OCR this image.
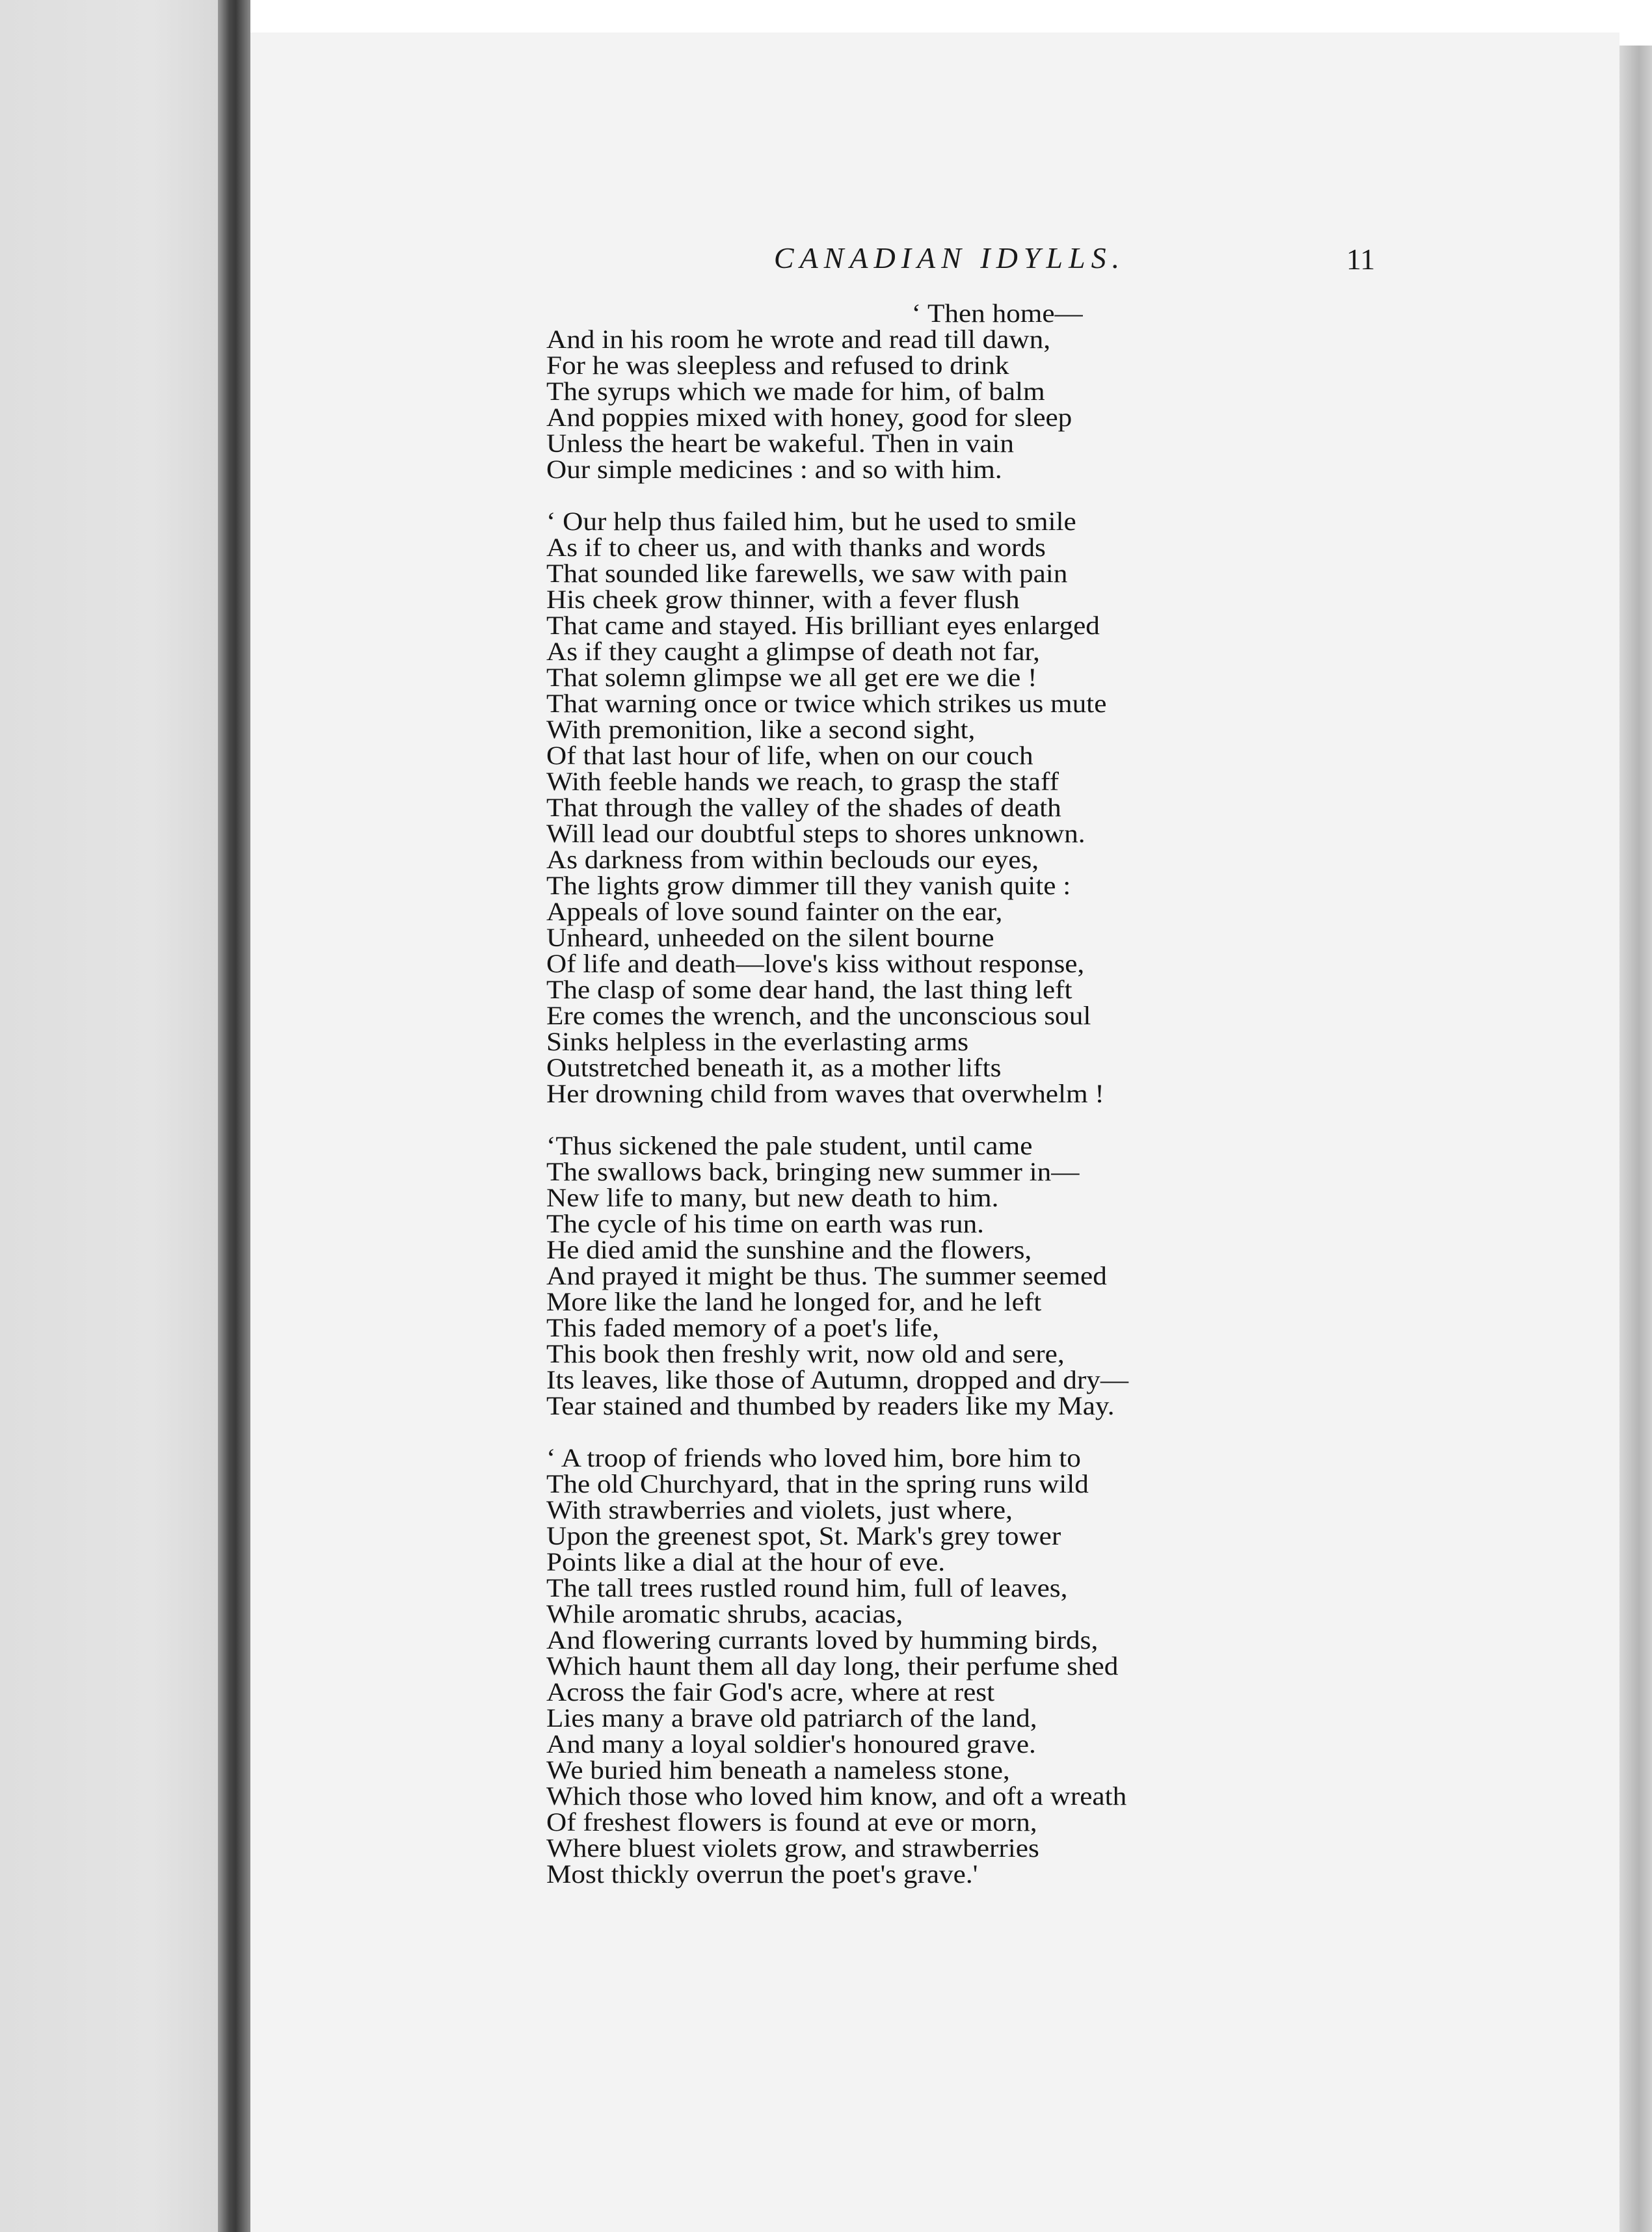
CANADIAN IDYLLS.	11
‘ Then home—
And in his room he wrote and read till dawn,
For he was sleepless and refused to drink
The syrups which we made for him, of balm
And poppies mixed with honey, good for sleep
Unless the heart be wakeful. Then in vain
Our simple medicines : and so with him.
‘ Our help thus failed him, but he used to smile
As if to cheer us, and with thanks and words
That sounded like farewells, we saw with pain
His cheek grow thinner, with a fever flush
That came and stayed. His brilliant eyes enlarged
As if they caught a glimpse of death not far,
That solemn glimpse we all get ere we die !
That warning once or twice which strikes us mute
With premonition, like a second sight,
Of that last hour of life, when on our couch
With feeble hands we reach, to grasp the staff
That through the valley of the shades of death
Will lead our doubtful steps to shores unknown.
As darkness from within beclouds our eyes,
The lights grow dimmer till they vanish quite :
Appeals of love sound fainter on the ear,
Unheard, unheeded on the silent bourne
Of life and death—love's kiss without response,
The clasp of some dear hand, the last thing left
Ere comes the wrench, and the unconscious soul
Sinks helpless in the everlasting arms
Outstretched beneath it, as a mother lifts
Her drowning child from waves that overwhelm !
‘Thus sickened the pale student, until came
The swallows back, bringing new summer in—
New life to many, but new death to him.
The cycle of his time on earth was run.
He died amid the sunshine and the flowers,
And prayed it might be thus. The summer seemed
More like the land he longed for, and he left
This faded memory of a poet's life,
This book then freshly writ, now old and sere,
Its leaves, like those of Autumn, dropped and dry—
Tear stained and thumbed by readers like my May.
‘ A troop of friends who loved him, bore him to
The old Churchyard, that in the spring runs wild
With strawberries and violets, just where,
Upon the greenest spot, St. Mark's grey tower
Points like a dial at the hour of eve.
The tall trees rustled round him, full of leaves,
While aromatic shrubs, acacias,
And flowering currants loved by humming birds,
Which haunt them all day long, their perfume shed
Across the fair God's acre, where at rest
Lies many a brave old patriarch of the land,
And many a loyal soldier's honoured grave.
We buried him beneath a nameless stone,
Which those who loved him know, and oft a wreath
Of freshest flowers is found at eve or morn,
Where bluest violets grow, and strawberries
Most thickly overrun the poet's grave.'
